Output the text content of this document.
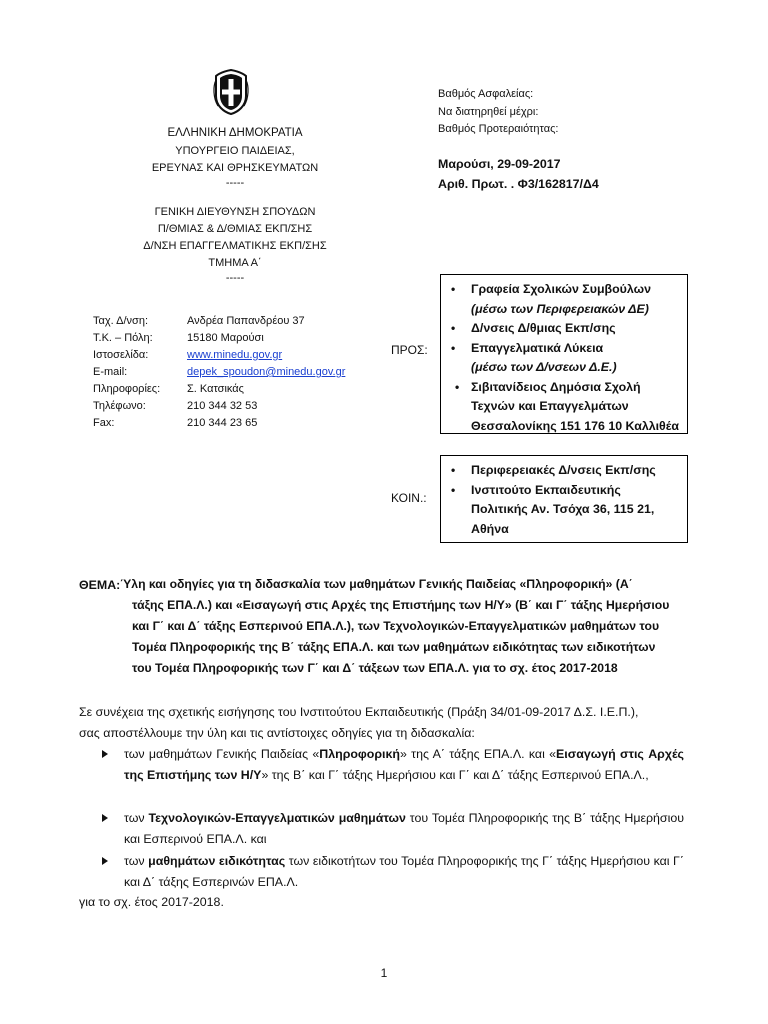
ΕΛΛΗΝΙΚΗ ΔΗΜΟΚΡΑΤΙΑ
ΥΠΟΥΡΓΕΙΟ ΠΑΙΔΕΙΑΣ,
ΕΡΕΥΝΑΣ ΚΑΙ ΘΡΗΣΚΕΥΜΑΤΩΝ
-----
ΓΕΝΙΚΗ ΔΙΕΥΘΥΝΣΗ ΣΠΟΥΔΩΝ
Π/ΘΜΙΑΣ & Δ/ΘΜΙΑΣ ΕΚΠ/ΣΗΣ
Δ/ΝΣΗ ΕΠΑΓΓΕΛΜΑΤΙΚΗΣ ΕΚΠ/ΣΗΣ
ΤΜΗΜΑ Α΄
-----
Βαθμός Ασφαλείας:
Να διατηρηθεί μέχρι:
Βαθμός Προτεραιότητας:
Μαρούσι, 29-09-2017
Αριθ. Πρωτ. . Φ3/162817/Δ4
Ταχ. Δ/νση:	Ανδρέα Παπανδρέου 37
Τ.Κ. – Πόλη:	15180 Μαρούσι
Ιστοσελίδα:	www.minedu.gov.gr
E-mail:	depek_spoudon@minedu.gov.gr
Πληροφορίες: Σ. Κατσικάς
Τηλέφωνο:	210 344 32 53
Fax:	210 344 23 65
ΠΡΟΣ:
• Γραφεία Σχολικών Συμβούλων
(μέσω των Περιφερειακών ΔΕ)
• Δ/νσεις Δ/θμιας Εκπ/σης
• Επαγγελματικά Λύκεια
(μέσω των Δ/νσεων Δ.Ε.)
• Σιβιτανίδειος Δημόσια Σχολή
Τεχνών και Επαγγελμάτων
Θεσσαλονίκης 151 176 10 Καλλιθέα
ΚΟΙΝ.:
• Περιφερειακές Δ/νσεις Εκπ/σης
• Ινστιτούτο Εκπαιδευτικής
Πολιτικής Αν. Τσόχα 36, 115 21,
Αθήνα
ΘΕΜΑ: Ύλη και οδηγίες για τη διδασκαλία των μαθημάτων Γενικής Παιδείας «Πληροφορική» (Α΄
τάξης ΕΠΑ.Λ.) και «Εισαγωγή στις Αρχές της Επιστήμης των Η/Υ» (Β΄ και Γ΄ τάξης Ημερήσιου
και Γ΄ και Δ΄ τάξης Εσπερινού ΕΠΑ.Λ.), των Τεχνολογικών-Επαγγελματικών μαθημάτων του
Τομέα Πληροφορικής της Β΄ τάξης ΕΠΑ.Λ. και των μαθημάτων ειδικότητας των ειδικοτήτων
του Τομέα Πληροφορικής των Γ΄ και Δ΄ τάξεων των ΕΠΑ.Λ. για το σχ. έτος 2017-2018
Σε συνέχεια της σχετικής εισήγησης του Ινστιτούτου Εκπαιδευτικής (Πράξη 34/01-09-2017 Δ.Σ. Ι.Ε.Π.),
σας αποστέλλουμε την ύλη και τις αντίστοιχες οδηγίες για τη διδασκαλία:
των μαθημάτων Γενικής Παιδείας «Πληροφορική» της Α΄ τάξης ΕΠΑ.Λ. και «Εισαγωγή στις Αρχές της Επιστήμης των Η/Υ» της Β΄ και Γ΄ τάξης Ημερήσιου και Γ΄ και Δ΄ τάξης Εσπερινού ΕΠΑ.Λ.,
των Τεχνολογικών-Επαγγελματικών μαθημάτων του Τομέα Πληροφορικής της Β΄ τάξης Ημερήσιου και Εσπερινού ΕΠΑ.Λ. και
των μαθημάτων ειδικότητας των ειδικοτήτων του Τομέα Πληροφορικής της Γ΄ τάξης Ημερήσιου και Γ΄ και Δ΄ τάξης Εσπερινών ΕΠΑ.Λ.
για το σχ. έτος 2017-2018.
1
